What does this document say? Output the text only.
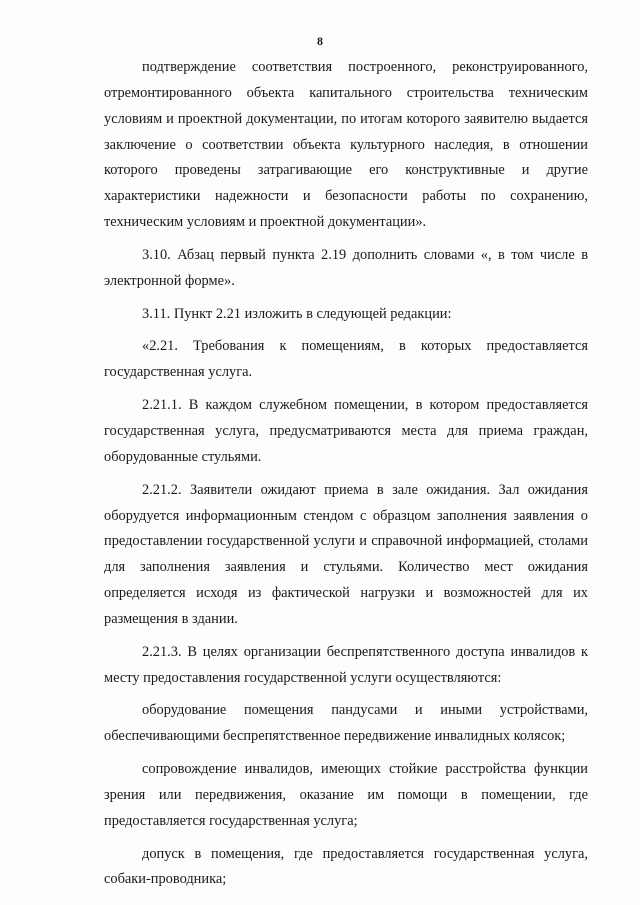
8

подтверждение соответствия построенного, реконструированного, отремонтированного объекта капитального строительства техническим условиям и проектной документации, по итогам которого заявителю выдается заключение о соответствии объекта культурного наследия, в отношении которого проведены затрагивающие его конструктивные и другие характеристики надежности и безопасности работы по сохранению, техническим условиям и проектной документации».

3.10. Абзац первый пункта 2.19 дополнить словами «, в том числе в электронной форме».

3.11. Пункт 2.21 изложить в следующей редакции:

«2.21. Требования к помещениям, в которых предоставляется государственная услуга.

2.21.1. В каждом служебном помещении, в котором предоставляется государственная услуга, предусматриваются места для приема граждан, оборудованные стульями.

2.21.2. Заявители ожидают приема в зале ожидания. Зал ожидания оборудуется информационным стендом с образцом заполнения заявления о предоставлении государственной услуги и справочной информацией, столами для заполнения заявления и стульями. Количество мест ожидания определяется исходя из фактической нагрузки и возможностей для их размещения в здании.

2.21.3. В целях организации беспрепятственного доступа инвалидов к месту предоставления государственной услуги осуществляются:

оборудование помещения пандусами и иными устройствами, обеспечивающими беспрепятственное передвижение инвалидных колясок;

сопровождение инвалидов, имеющих стойкие расстройства функции зрения или передвижения, оказание им помощи в помещении, где предоставляется государственная услуга;

допуск в помещения, где предоставляется государственная услуга, собаки-проводника;
